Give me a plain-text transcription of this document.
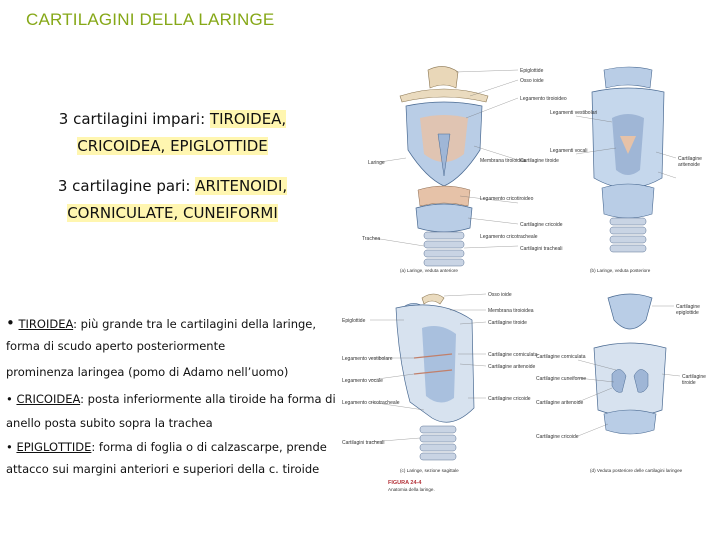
CARTILAGINI DELLA LARINGE
3 cartilagini impari: TIROIDEA,
CRICOIDEA, EPIGLOTTIDE
3 cartilagine pari: ARITENOIDI,
CORNICULATE, CUNEIFORMI
• TIROIDEA: più grande tra le cartilagini della laringe,
forma di scudo aperto posteriormente
prominenza laringea (pomo di Adamo nell’uomo)
• CRICOIDEA: posta inferiormente alla tiroide ha forma di
anello posta subito sopra la trachea
• EPIGLOTTIDE: forma di foglia o di calzascarpe, prende
attacco sui margini anteriori e superiori della c. tiroide
Epiglottide
Osso ioide
Legamento tiroioideo
Membrana tiroioidea
Cartilagine tiroide
Legamento cricotiroideo
Cartilagine cricoide
Legamento cricotracheale
Cartilagini tracheali
Laringe
Trachea
Legamenti vestibolari
Legamenti vocali
Cartilagine
aritenoide
(a) Laringe, veduta anteriore	(b) Laringe, veduta posteriore
Osso ioide
Epiglottide
Membrana tiroioidea
Cartilagine tiroide
Cartilagine corniculata
Legamento vestibolare
Cartilagine aritenoide
Legamento vocale
Cartilagine cricoide
Legamento cricotracheale
Cartilagini tracheali
Cartilagine
epiglottide
Cartilagine corniculata
Cartilagine cuneiforme
Cartilagine aritenoide
Cartilagine cricoide
Cartilagine
tiroide
(c) Laringe, sezione sagittale	(d) Veduta posteriore delle cartilagini laringee
FIGURA 24-4
Anatomia della laringe.
